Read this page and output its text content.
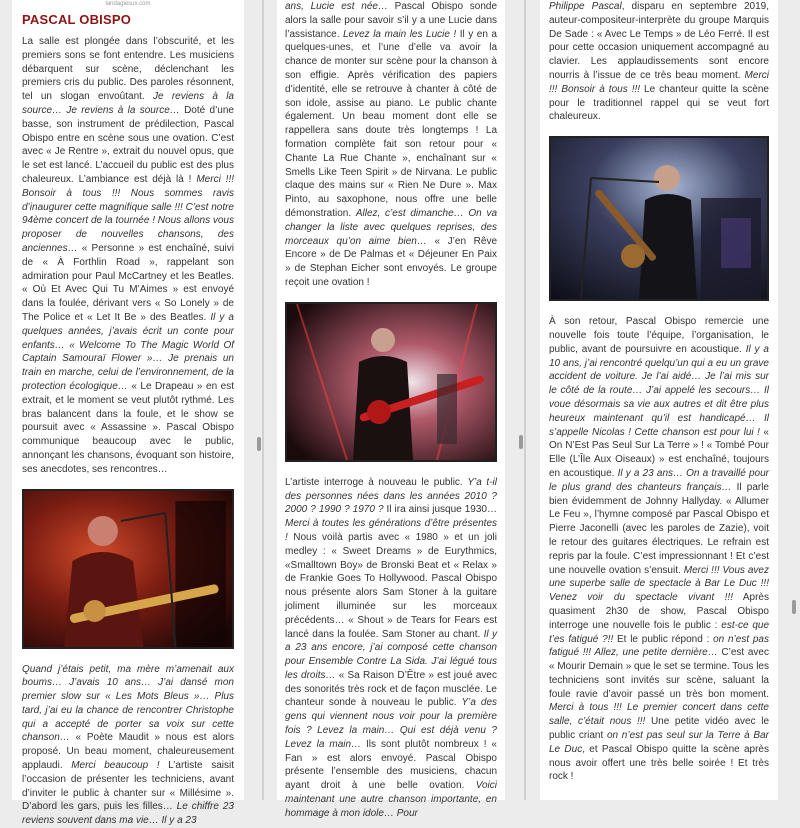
landagiesux.com
PASCAL OBISPO

La salle est plongée dans l’obscurité, et les premiers sons se font entendre. Les musiciens débarquent sur scène, déclenchant les premiers cris du public. Des paroles résonnent, tel un slogan envoûtant. Je reviens à la source… Je reviens à la source… Doté d’une basse, son instrument de prédilection, Pascal Obispo entre en scène sous une ovation. C’est avec « Je Rentre », extrait du nouvel opus, que le set est lancé. L’accueil du public est des plus chaleureux. L’ambiance est déjà là ! Merci !!! Bonsoir à tous !!! Nous sommes ravis d’inaugurer cette magnifique salle !!! C’est notre 94ème concert de la tournée ! Nous allons vous proposer de nouvelles chansons, des anciennes… « Personne » est enchaîné, suivi de « À Forthlin Road », rappelant son admiration pour Paul McCartney et les Beatles. « Où Et Avec Qui Tu M’Aimes » est envoyé dans la foulée, dérivant vers « So Lonely » de The Police et « Let It Be » des Beatles. Il y a quelques années, j’avais écrit un conte pour enfants… « Welcome To The Magic World Of Captain Samouraï Flower »… Je prenais un train en marche, celui de l’environnement, de la protection écologique… « Le Drapeau » en est extrait, et le moment se veut plutôt rythmé. Les bras balancent dans la foule, et le show se poursuit avec « Assassine ». Pascal Obispo communique beaucoup avec le public, annonçant les chansons, évoquant son histoire, ses anecdotes, ses rencontres…

Quand j’étais petit, ma mère m’amenait aux boums… J’avais 10 ans… J’ai dansé mon premier slow sur « Les Mots Bleus »… Plus tard, j’ai eu la chance de rencontrer Christophe qui a accepté de porter sa voix sur cette chanson… « Poète Maudit » nous est alors proposé. Un beau moment, chaleureusement applaudi. Merci beaucoup ! L’artiste saisit l’occasion de présenter les techniciens, avant d’inviter le public à chanter sur « Millésime ». D’abord les gars, puis les filles… Le chiffre 23 reviens souvent dans ma vie… Il y a 23

ans, Lucie est née… Pascal Obispo sonde alors la salle pour savoir s’il y a une Lucie dans l’assistance. Levez la main les Lucie ! Il y en a quelques-unes, et l’une d’elle va avoir la chance de monter sur scène pour la chanson à son effigie. Après vérification des papiers d’identité, elle se retrouve à chanter à côté de son idole, assise au piano. Le public chante également. Un beau moment dont elle se rappellera sans doute très longtemps ! La formation complète fait son retour pour « Chante La Rue Chante », enchaînant sur « Smells Like Teen Spirit » de Nirvana. Le public claque des mains sur « Rien Ne Dure ». Max Pinto, au saxophone, nous offre une belle démonstration. Allez, c’est dimanche… On va changer la liste avec quelques reprises, des morceaux qu’on aime bien… « J’en Rêve Encore » de De Palmas et « Déjeuner En Paix » de Stephan Eicher sont envoyés. Le groupe reçoit une ovation !

L’artiste interroge à nouveau le public. Y’a t-il des personnes nées dans les années 2010 ? 2000 ? 1990 ? 1970 ? Il ira ainsi jusque 1930… Merci à toutes les générations d’être présentes ! Nous voilà partis avec « 1980 » et un joli medley : « Sweet Dreams » de Eurythmics, «Smalltown Boy» de Bronski Beat et « Relax » de Frankie Goes To Hollywood. Pascal Obispo nous présente alors Sam Stoner à la guitare joliment illuminée sur les morceaux précédents… « Shout » de Tears for Fears est lancé dans la foulée. Sam Stoner au chant. Il y a 23 ans encore, j’ai composé cette chanson pour Ensemble Contre La Sida. J’ai légué tous les droits… « Sa Raison D’Être » est joué avec des sonorités très rock et de façon musclée. Le chanteur sonde à nouveau le public. Y’a des gens qui viennent nous voir pour la première fois ? Levez la main… Qui est déjà venu ? Levez la main… Ils sont plutôt nombreux ! « Fan » est alors envoyé. Pascal Obispo présente l’ensemble des musiciens, chacun ayant droit à une belle ovation. Voici maintenant une autre chanson importante, en hommage à mon idole… Pour

Philippe Pascal, disparu en septembre 2019, auteur-compositeur-interprète du groupe Marquis De Sade : « Avec Le Temps » de Léo Ferré. Il est pour cette occasion uniquement accompagné au clavier. Les applaudissements sont encore nourris à l’issue de ce très beau moment. Merci !!! Bonsoir à tous !!! Le chanteur quitte la scène pour le traditionnel rappel qui se veut fort chaleureux.

À son retour, Pascal Obispo remercie une nouvelle fois toute l’équipe, l’organisation, le public, avant de poursuivre en acoustique. Il y a 10 ans, j’ai rencontré quelqu’un qui a eu un grave accident de voiture. Je l’ai aidé… Je l’ai mis sur le côté de la route… J’ai appelé les secours… Il voue désormais sa vie aux autres et dit être plus heureux maintenant qu’il est handicapé… Il s’appelle Nicolas ! Cette chanson est pour lui ! « On N’Est Pas Seul Sur La Terre » ! « Tombé Pour Elle (L’Île Aux Oiseaux) » est enchaîné, toujours en acoustique. Il y a 23 ans… On a travaillé pour le plus grand des chanteurs français… Il parle bien évidemment de Johnny Hallyday. « Allumer Le Feu », l’hymne composé par Pascal Obispo et Pierre Jaconelli (avec les paroles de Zazie), voit le retour des guitares électriques. Le refrain est repris par la foule. C’est impressionnant ! Et c’est une nouvelle ovation s’ensuit. Merci !!! Vous avez une superbe salle de spectacle à Bar Le Duc !!! Venez voir du spectacle vivant !!! Après quasiment 2h30 de show, Pascal Obispo interroge une nouvelle fois le public : est-ce que t’es fatigué ?!! Et le public répond : on n’est pas fatigué !!! Allez, une petite dernière… C’est avec « Mourir Demain » que le set se termine. Tous les techniciens sont invités sur scène, saluant la foule ravie d’avoir passé un très bon moment. Merci à tous !!! Le premier concert dans cette salle, c’était nous !!! Une petite vidéo avec le public criant on n’est pas seul sur la Terre à Bar Le Duc, et Pascal Obispo quitte la scène après nous avoir offert une très belle soirée ! Et très rock !
